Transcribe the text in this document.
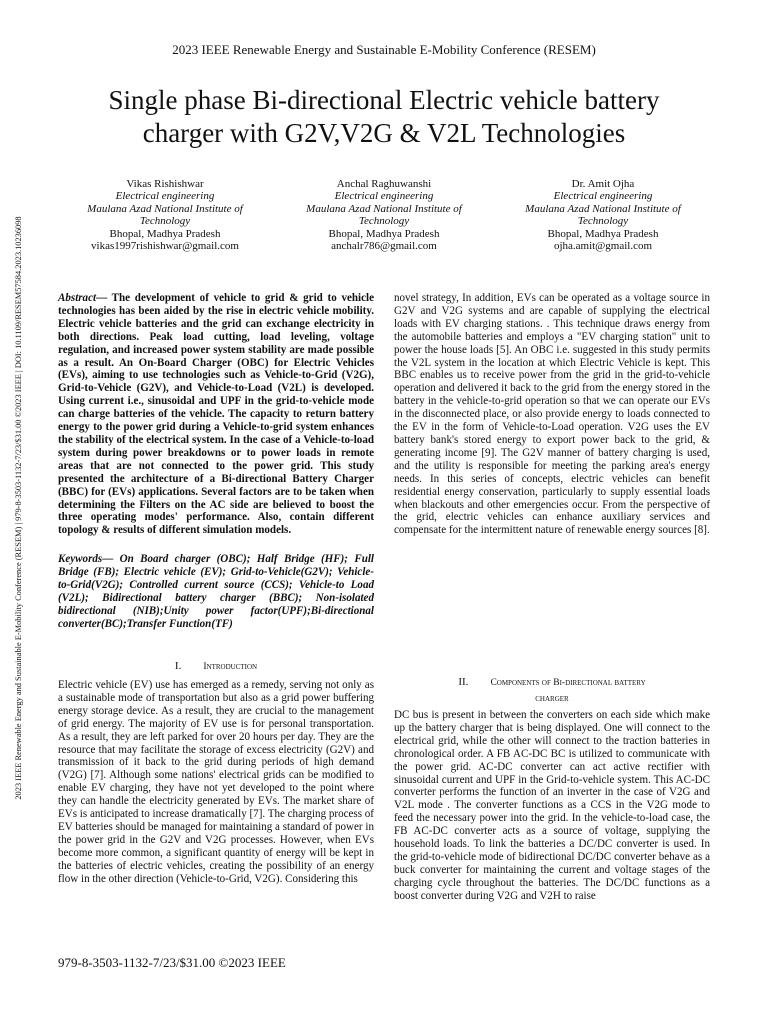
2023 IEEE Renewable Energy and Sustainable E-Mobility Conference (RESEM) | 979-8-3503-1132-7/23/$31.00 ©2023 IEEE | DOI: 10.1109/RESEM57584.2023.10236098
2023 IEEE Renewable Energy and Sustainable E-Mobility Conference (RESEM)
Single phase Bi-directional Electric vehicle battery
charger with G2V,V2G & V2L Technologies
Vikas Rishishwar
Electrical engineering
Maulana Azad National Institute of
Technology
Bhopal, Madhya Pradesh
vikas1997rishishwar@gmail.com
Anchal Raghuwanshi
Electrical engineering
Maulana Azad National Institute of
Technology
Bhopal, Madhya Pradesh
anchalr786@gmail.com
Dr. Amit Ojha
Electrical engineering
Maulana Azad National Institute of
Technology
Bhopal, Madhya Pradesh
ojha.amit@gmail.com

Abstract— The development of vehicle to grid & grid to vehicle technologies has been aided by the rise in electric vehicle mobility. Electric vehicle batteries and the grid can exchange electricity in both directions. Peak load cutting, load leveling, voltage regulation, and increased power system stability are made possible as a result. An On-Board Charger (OBC) for Electric Vehicles (EVs), aiming to use technologies such as Vehicle-to-Grid (V2G), Grid-to-Vehicle (G2V), and Vehicle-to-Load (V2L) is developed. Using current i.e., sinusoidal and UPF in the grid-to-vehicle mode can charge batteries of the vehicle. The capacity to return battery energy to the power grid during a Vehicle-to-grid system enhances the stability of the electrical system. In the case of a Vehicle-to-load system during power breakdowns or to power loads in remote areas that are not connected to the power grid. This study presented the architecture of a Bi-directional Battery Charger (BBC) for (EVs) applications. Several factors are to be taken when determining the Filters on the AC side are believed to boost the three operating modes' performance. Also, contain different topology & results of different simulation models.

Keywords— On Board charger (OBC); Half Bridge (HF); Full Bridge (FB); Electric vehicle (EV); Grid-to-Vehicle(G2V); Vehicle- to-Grid(V2G); Controlled current source (CCS); Vehicle-to Load (V2L); Bidirectional battery charger (BBC); Non-isolated bidirectional (NIB);Unity power factor(UPF);Bi-directional converter(BC);Transfer Function(TF)

I. Introduction

Electric vehicle (EV) use has emerged as a remedy, serving not only as a sustainable mode of transportation but also as a grid power buffering energy storage device. As a result, they are crucial to the management of grid energy. The majority of EV use is for personal transportation. As a result, they are left parked for over 20 hours per day. They are the resource that may facilitate the storage of excess electricity (G2V) and transmission of it back to the grid during periods of high demand (V2G) [7]. Although some nations' electrical grids can be modified to enable EV charging, they have not yet developed to the point where they can handle the electricity generated by EVs. The market share of EVs is anticipated to increase dramatically [7]. The charging process of EV batteries should be managed for maintaining a standard of power in the power grid in the G2V and V2G processes. However, when EVs become more common, a significant quantity of energy will be kept in the batteries of electric vehicles, creating the possibility of an energy flow in the other direction (Vehicle-to-Grid, V2G). Considering this

novel strategy, In addition, EVs can be operated as a voltage source in G2V and V2G systems and are capable of supplying the electrical loads with EV charging stations. . This technique draws energy from the automobile batteries and employs a "EV charging station" unit to power the house loads [5]. An OBC i.e. suggested in this study permits the V2L system in the location at which Electric Vehicle is kept. This BBC enables us to receive power from the grid in the grid-to-vehicle operation and delivered it back to the grid from the energy stored in the battery in the vehicle-to-grid operation so that we can operate our EVs in the disconnected place, or also provide energy to loads connected to the EV in the form of Vehicle-to-Load operation. V2G uses the EV battery bank's stored energy to export power back to the grid, & generating income [9]. The G2V manner of battery charging is used, and the utility is responsible for meeting the parking area's energy needs. In this series of concepts, electric vehicles can benefit residential energy conservation, particularly to supply essential loads when blackouts and other emergencies occur. From the perspective of the grid, electric vehicles can enhance auxiliary services and compensate for the intermittent nature of renewable energy sources [8].

II. Components of Bi-directional battery
charger

DC bus is present in between the converters on each side which make up the battery charger that is being displayed. One will connect to the electrical grid, while the other will connect to the traction batteries in chronological order. A FB AC-DC BC is utilized to communicate with the power grid. AC-DC converter can act active rectifier with sinusoidal current and UPF in the Grid-to-vehicle system. This AC-DC converter performs the function of an inverter in the case of V2G and V2L mode . The converter functions as a CCS in the V2G mode to feed the necessary power into the grid. In the vehicle-to-load case, the FB AC-DC converter acts as a source of voltage, supplying the household loads. To link the batteries a DC/DC converter is used. In the grid-to-vehicle mode of bidirectional DC/DC converter behave as a buck converter for maintaining the current and voltage stages of the charging cycle throughout the batteries. The DC/DC functions as a boost converter during V2G and V2H to raise

979-8-3503-1132-7/23/$31.00 ©2023 IEEE
